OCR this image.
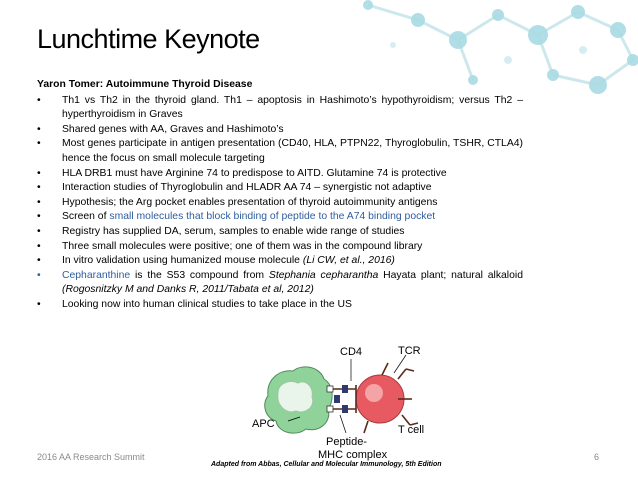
Lunchtime Keynote
Yaron Tomer: Autoimmune Thyroid Disease
• Th1 vs Th2 in the thyroid gland. Th1 – apoptosis in Hashimoto’s hypothyroidism; versus Th2 – hyperthyroidism in Graves
• Shared genes with AA, Graves and Hashimoto’s
• Most genes participate in antigen presentation (CD40, HLA, PTPN22, Thyroglobulin, TSHR, CTLA4) hence the focus on small molecule targeting
• HLA DRB1 must have Arginine 74 to predispose to AITD. Glutamine 74 is protective
• Interaction studies of Thyroglobulin and HLADR AA 74 – synergistic not adaptive
• Hypothesis; the Arg pocket enables presentation of thyroid autoimmunity antigens
• Screen of small molecules that block binding of peptide to the A74 binding pocket
• Registry has supplied DA, serum, samples to enable wide range of studies
• Three small molecules were positive; one of them was in the compound library
• In vitro validation using humanized mouse molecule (Li CW, et al., 2016)
• Cepharanthine is the S53 compound from Stephania cepharantha Hayata plant; natural alkaloid (Rogosnitzky M and Danks R, 2011/Tabata et al, 2012)
• Looking now into human clinical studies to take place in the US
CD4	TCR
APC	T cell
Peptide-
MHC complex
2016 AA Research Summit
Adapted from Abbas, Cellular and Molecular Immunology, 5th Edition
6
